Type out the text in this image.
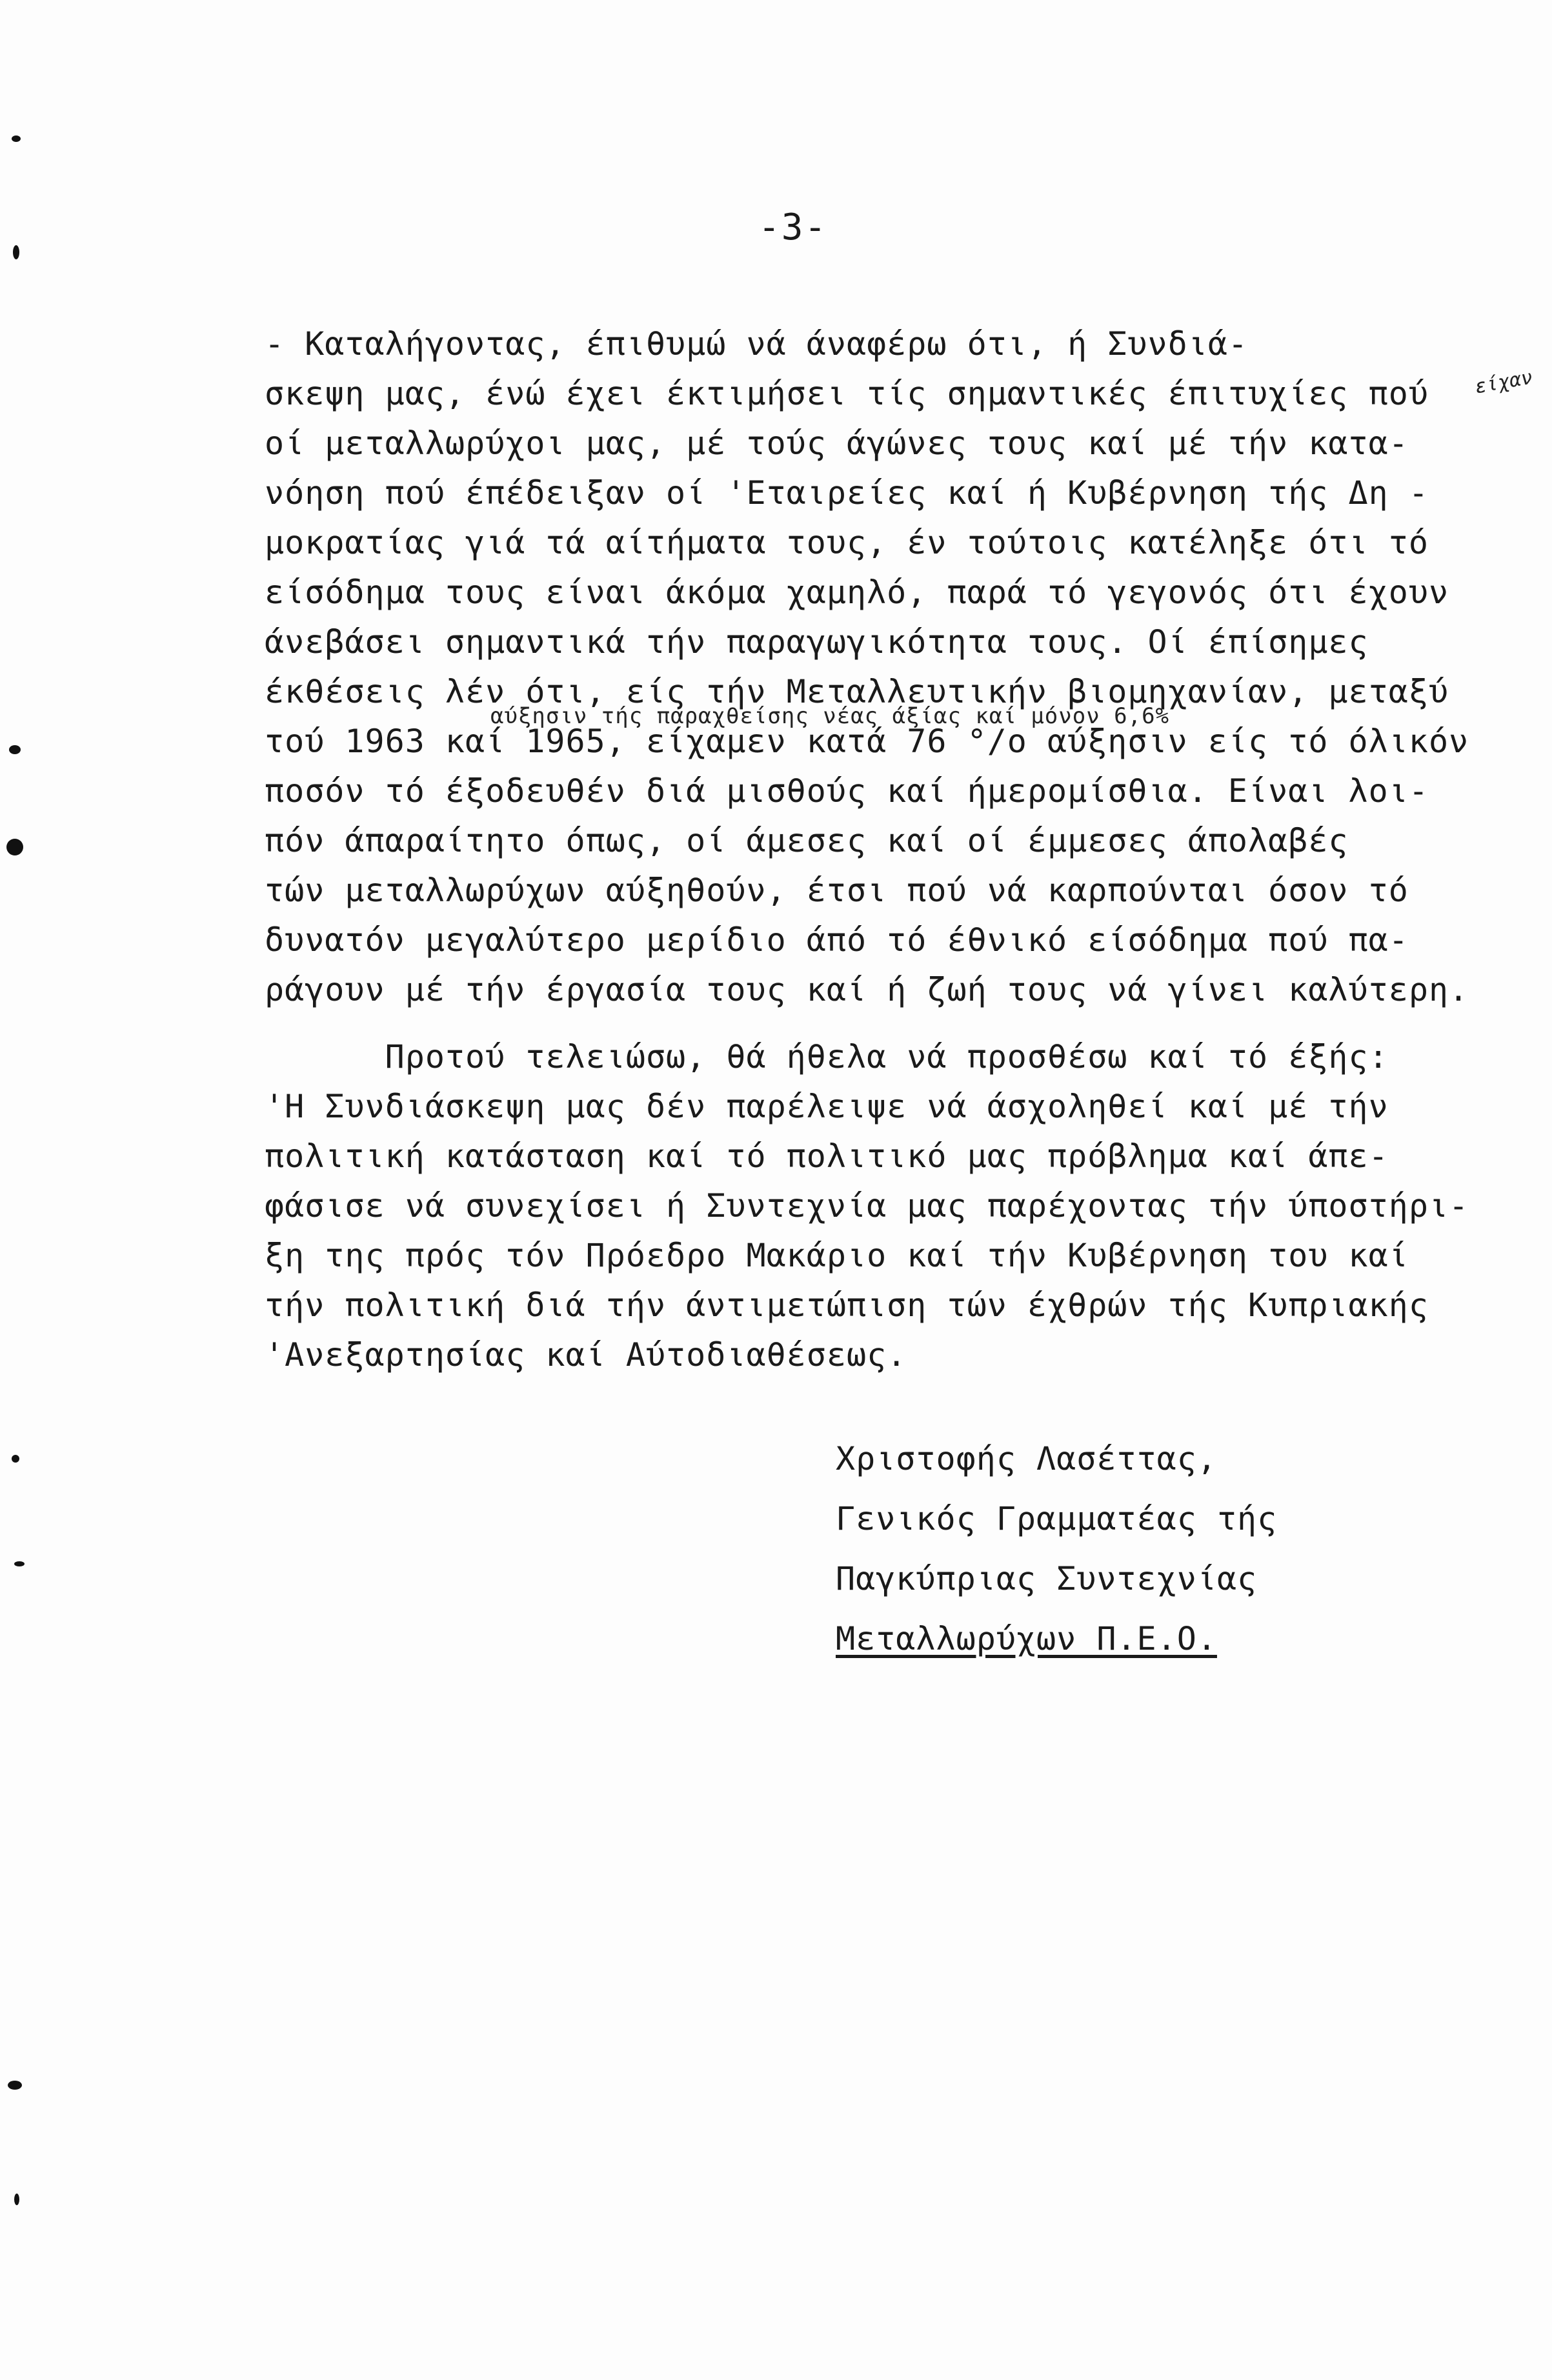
-3-
είχαν
- Καταλήγοντας, έπιθυμώ νά άναφέρω ότι, ή Συνδιά-
σκεψη μας, ένώ έχει έκτιμήσει τίς σημαντικές έπιτυχίες πού
οί μεταλλωρύχοι μας, μέ τούς άγώνες τους καί μέ τήν κατα-
νόηση πού έπέδειξαν οί 'Εταιρείες καί ή Κυβέρνηση τής Δη -
μοκρατίας γιά τά αίτήματα τους, έν τούτοις κατέληξε ότι τό
είσόδημα τους είναι άκόμα χαμηλό, παρά τό γεγονός ότι έχουν
άνεβάσει σημαντικά τήν παραγωγικότητα τους. Οί έπίσημες
έκθέσεις λέν ότι, είς τήν Μεταλλευτικήν βιομηχανίαν, μεταξύ
τού 1963 καί 1965, είχαμεν κατά 76 °/ο αύξησιν είς τό όλικόν
ποσόν τό έξοδευθέν διά μισθούς καί ήμερομίσθια. Είναι λοι-
πόν άπαραίτητο όπως, οί άμεσες καί οί έμμεσες άπολαβές
τών μεταλλωρύχων αύξηθούν, έτσι πού νά καρπούνται όσον τό
δυνατόν μεγαλύτερο μερίδιο άπό τό έθνικό είσόδημα πού πα-
ράγουν μέ τήν έργασία τους καί ή ζωή τους νά γίνει καλύτερη.
αύξησιν τής παραχθείσης νέας άξίας καί μόνον 6,6%
Προτού τελειώσω, θά ήθελα νά προσθέσω καί τό έξής:
'Η Συνδιάσκεψη μας δέν παρέλειψε νά άσχοληθεί καί μέ τήν
πολιτική κατάσταση καί τό πολιτικό μας πρόβλημα καί άπε-
φάσισε νά συνεχίσει ή Συντεχνία μας παρέχοντας τήν ύποστήρι-
ξη της πρός τόν Πρόεδρο Μακάριο καί τήν Κυβέρνηση του καί
τήν πολιτική διά τήν άντιμετώπιση τών έχθρών τής Κυπριακής
'Ανεξαρτησίας καί Αύτοδιαθέσεως.
Χριστοφής Λασέττας,
Γενικός Γραμματέας τής
Παγκύπριας Συντεχνίας
Μεταλλωρύχων Π.Ε.Ο.
